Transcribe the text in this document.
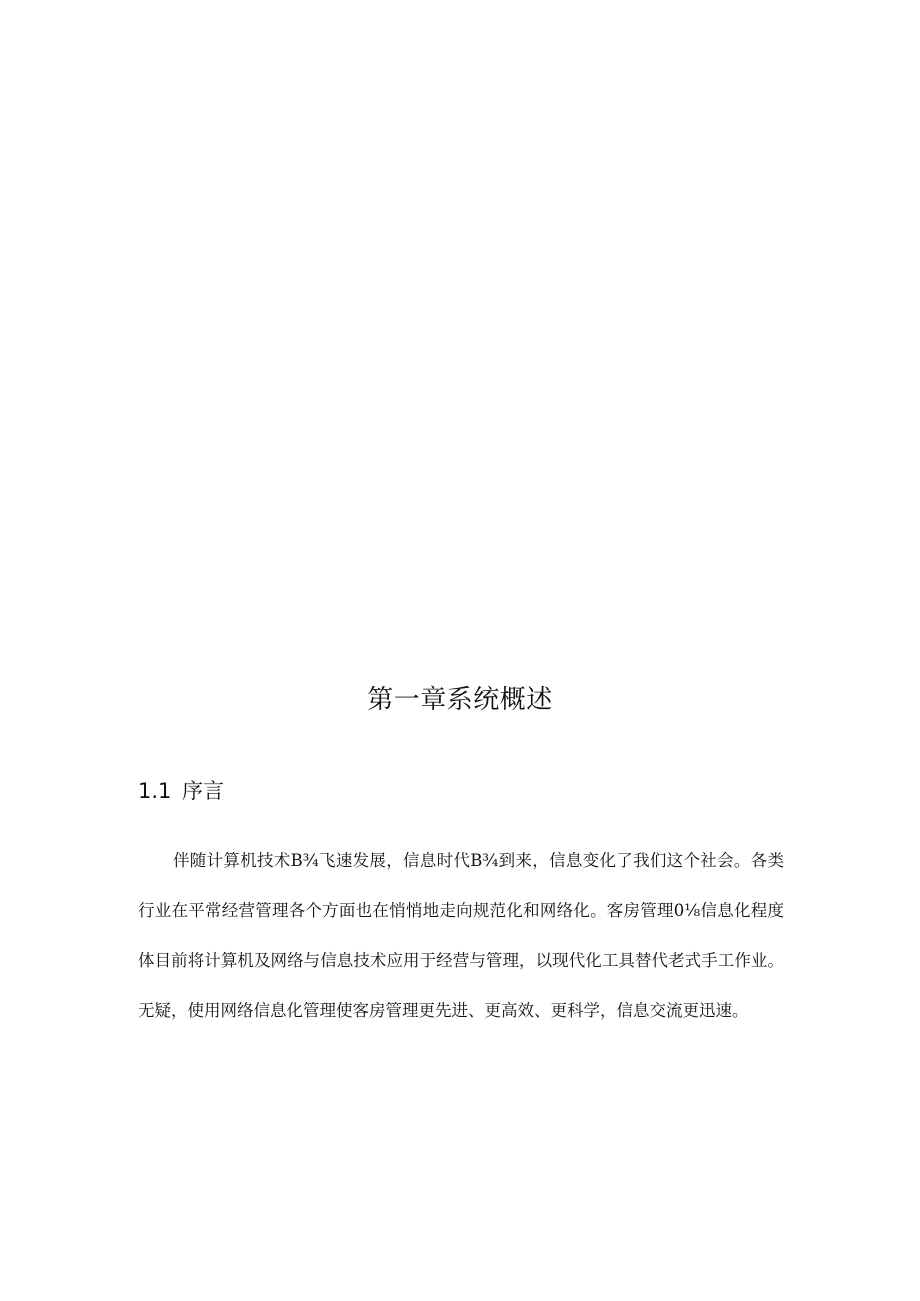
第一章系统概述
1.1 序言

伴随计算机技术B¾飞速发展，信息时代B¾到来，信息变化了我们这个社会。各类行业在平常经营管理各个方面也在悄悄地走向规范化和网络化。客房管理0⅛信息化程度体目前将计算机及网络与信息技术应用于经营与管理，以现代化工具替代老式手工作业。无疑，使用网络信息化管理使客房管理更先进、更高效、更科学，信息交流更迅速。
